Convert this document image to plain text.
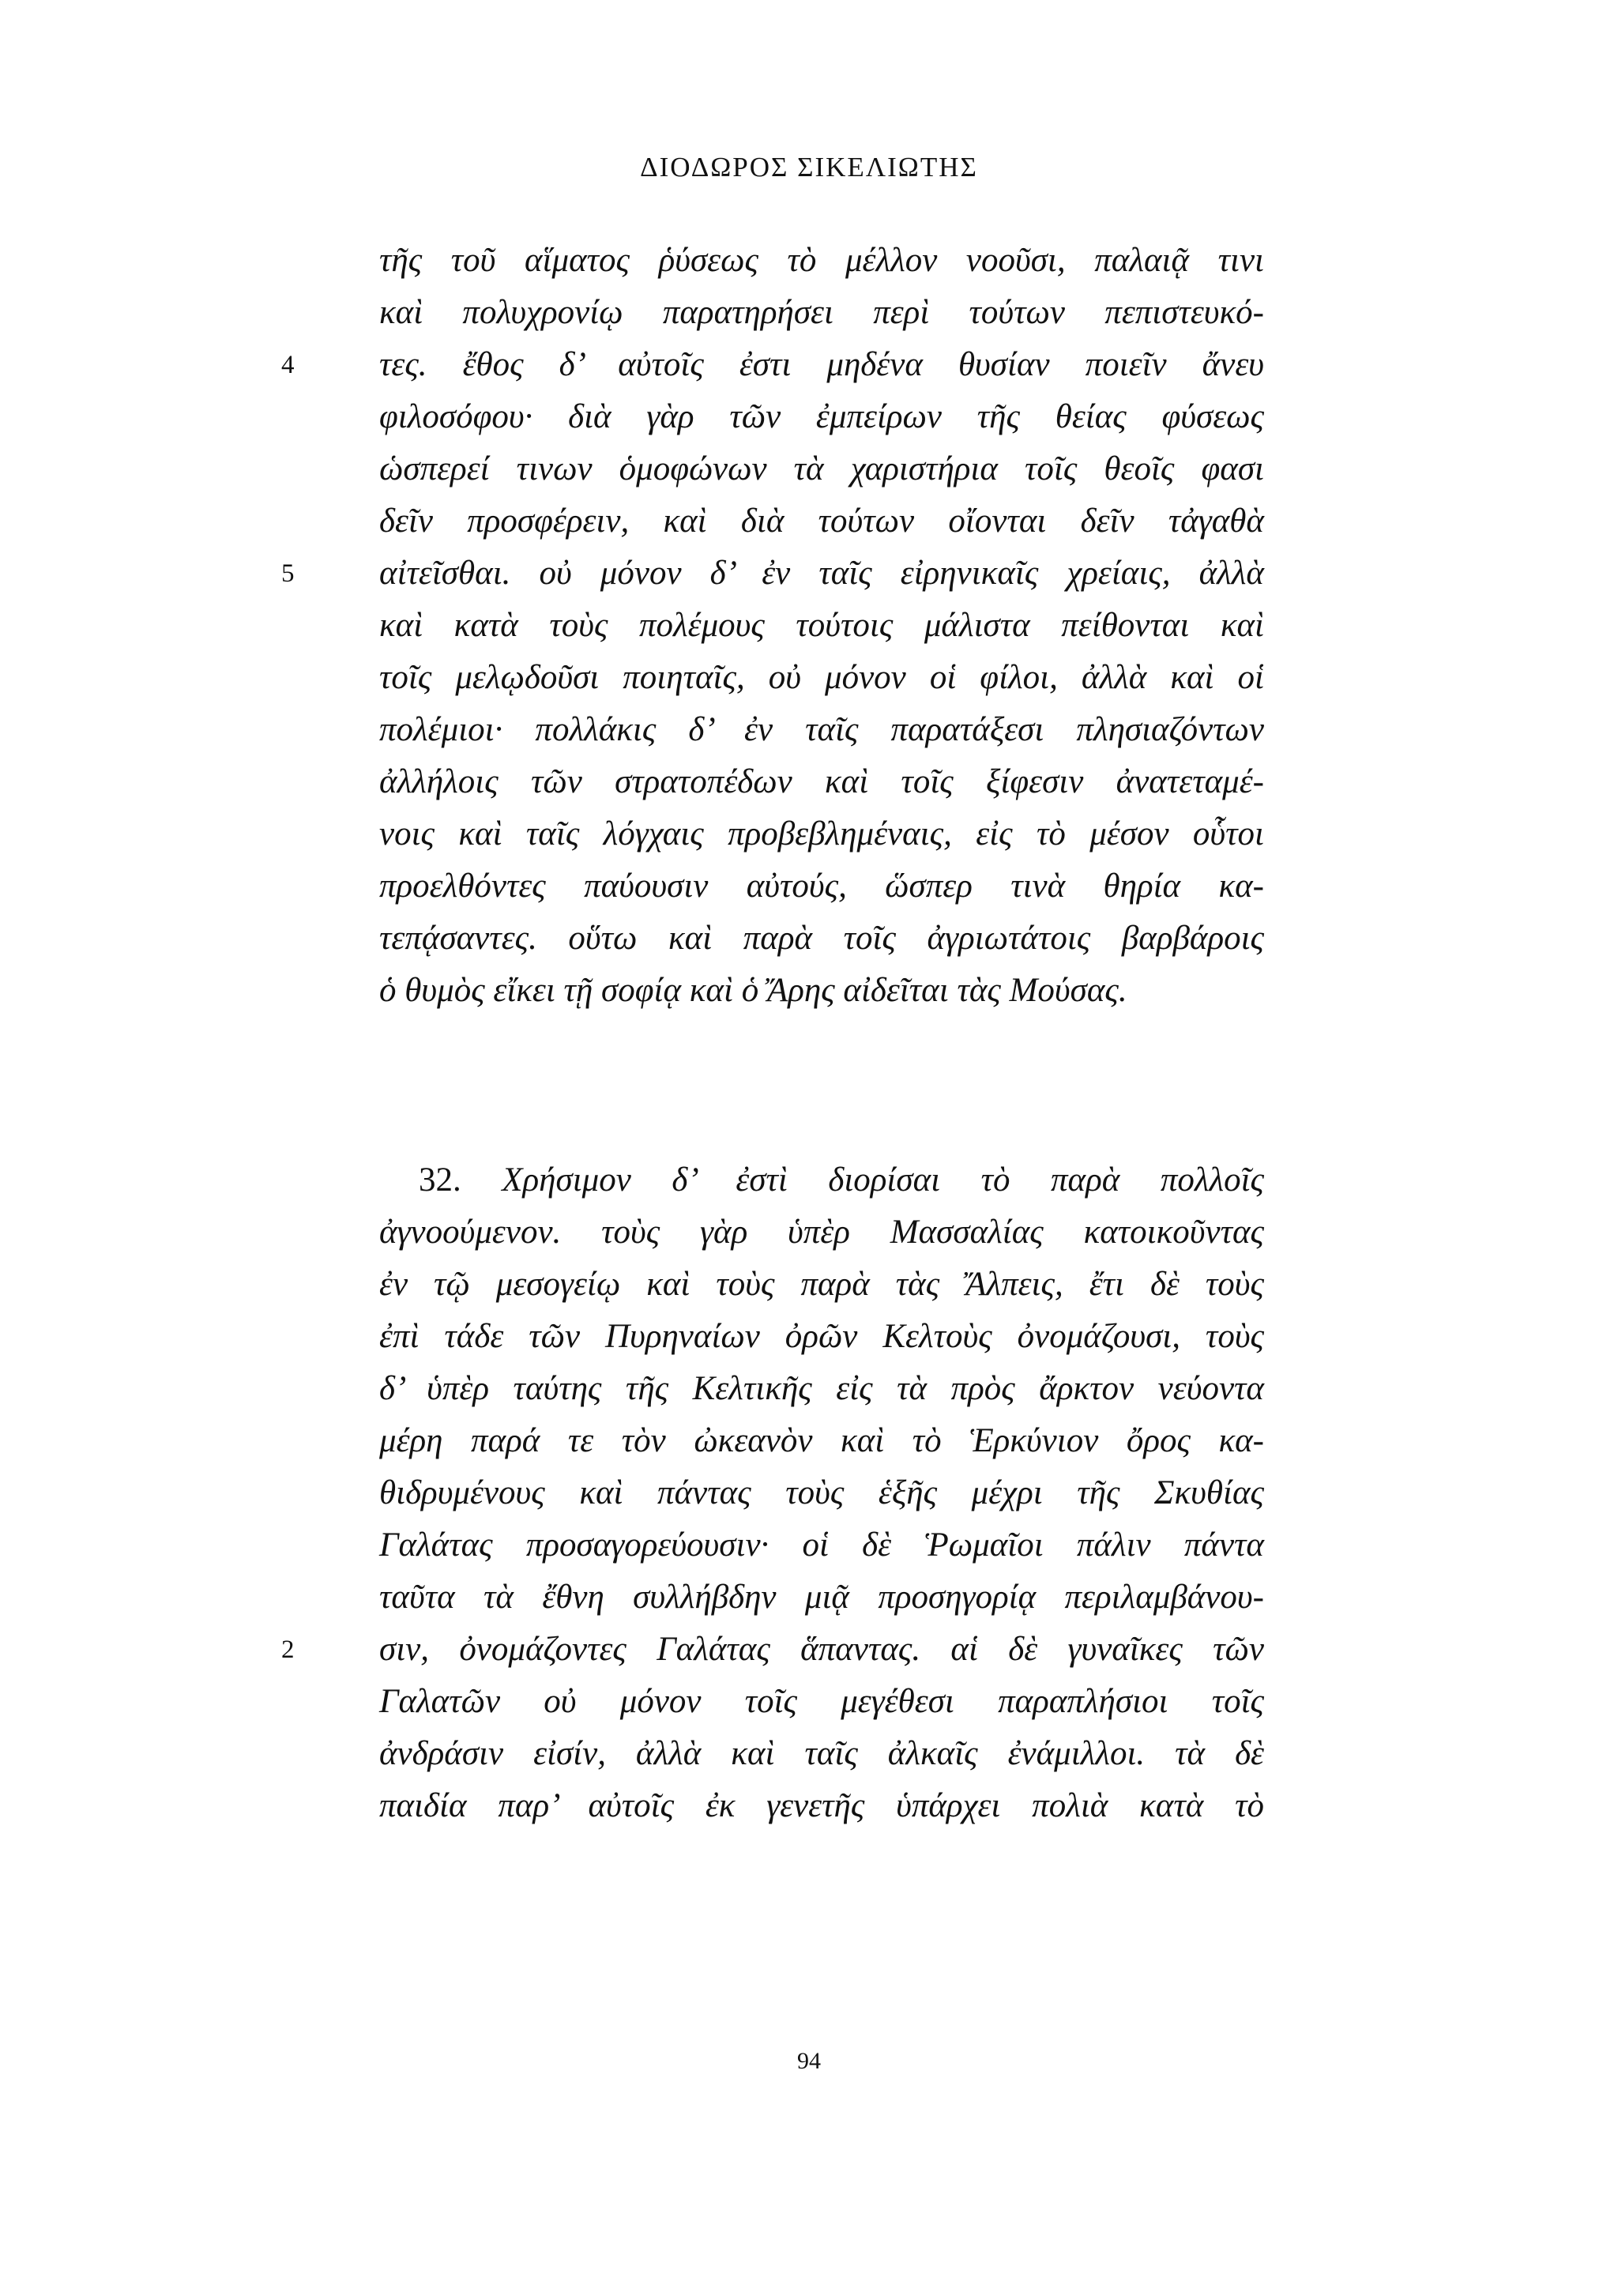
ΔΙΟΔΩΡΟΣ ΣΙΚΕΛΙΩΤΗΣ
τῆς τοῦ αἵματος ῥύσεως τὸ μέλλον νοοῦσι, παλαιᾷ τινι
καὶ πολυχρονίῳ παρατηρήσει περὶ τούτων πεπιστευκό-
4	τες. ἔθος δ’ αὐτοῖς ἐστι μηδένα θυσίαν ποιεῖν ἄνευ
φιλοσόφου· διὰ γὰρ τῶν ἐμπείρων τῆς θείας φύσεως
ὡσπερεί τινων ὁμοφώνων τὰ χαριστήρια τοῖς θεοῖς φασι
δεῖν προσφέρειν, καὶ διὰ τούτων οἴονται δεῖν τἀγαθὰ
5	αἰτεῖσθαι. οὐ μόνον δ’ ἐν ταῖς εἰρηνικαῖς χρείαις, ἀλλὰ
καὶ κατὰ τοὺς πολέμους τούτοις μάλιστα πείθονται καὶ
τοῖς μελῳδοῦσι ποιηταῖς, οὐ μόνον οἱ φίλοι, ἀλλὰ καὶ οἱ
πολέμιοι· πολλάκις δ’ ἐν ταῖς παρατάξεσι πλησιαζόντων
ἀλλήλοις τῶν στρατοπέδων καὶ τοῖς ξίφεσιν ἀνατεταμέ-
νοις καὶ ταῖς λόγχαις προβεβλημέναις, εἰς τὸ μέσον οὗτοι
προελθόντες παύουσιν αὐτούς, ὥσπερ τινὰ θηρία κα-
τεπᾴσαντες. οὕτω καὶ παρὰ τοῖς ἀγριωτάτοις βαρβάροις
ὁ θυμὸς εἴκει τῇ σοφίᾳ καὶ ὁ Ἄρης αἰδεῖται τὰς Μούσας.
32. Χρήσιμον δ’ ἐστὶ διορίσαι τὸ παρὰ πολλοῖς
ἀγνοούμενον. τοὺς γὰρ ὑπὲρ Μασσαλίας κατοικοῦντας
ἐν τῷ μεσογείῳ καὶ τοὺς παρὰ τὰς Ἄλπεις, ἔτι δὲ τοὺς
ἐπὶ τάδε τῶν Πυρηναίων ὀρῶν Κελτοὺς ὀνομάζουσι, τοὺς
δ’ ὑπὲρ ταύτης τῆς Κελτικῆς εἰς τὰ πρὸς ἄρκτον νεύοντα
μέρη παρά τε τὸν ὠκεανὸν καὶ τὸ Ἑρκύνιον ὄρος κα-
θιδρυμένους καὶ πάντας τοὺς ἑξῆς μέχρι τῆς Σκυθίας
Γαλάτας προσαγορεύουσιν· οἱ δὲ Ῥωμαῖοι πάλιν πάντα
ταῦτα τὰ ἔθνη συλλήβδην μιᾷ προσηγορίᾳ περιλαμβάνου-
2	σιν, ὀνομάζοντες Γαλάτας ἅπαντας. αἱ δὲ γυναῖκες τῶν
Γαλατῶν οὐ μόνον τοῖς μεγέθεσι παραπλήσιοι τοῖς
ἀνδράσιν εἰσίν, ἀλλὰ καὶ ταῖς ἀλκαῖς ἐνάμιλλοι. τὰ δὲ
παιδία παρ’ αὐτοῖς ἐκ γενετῆς ὑπάρχει πολιὰ κατὰ τὸ
94
